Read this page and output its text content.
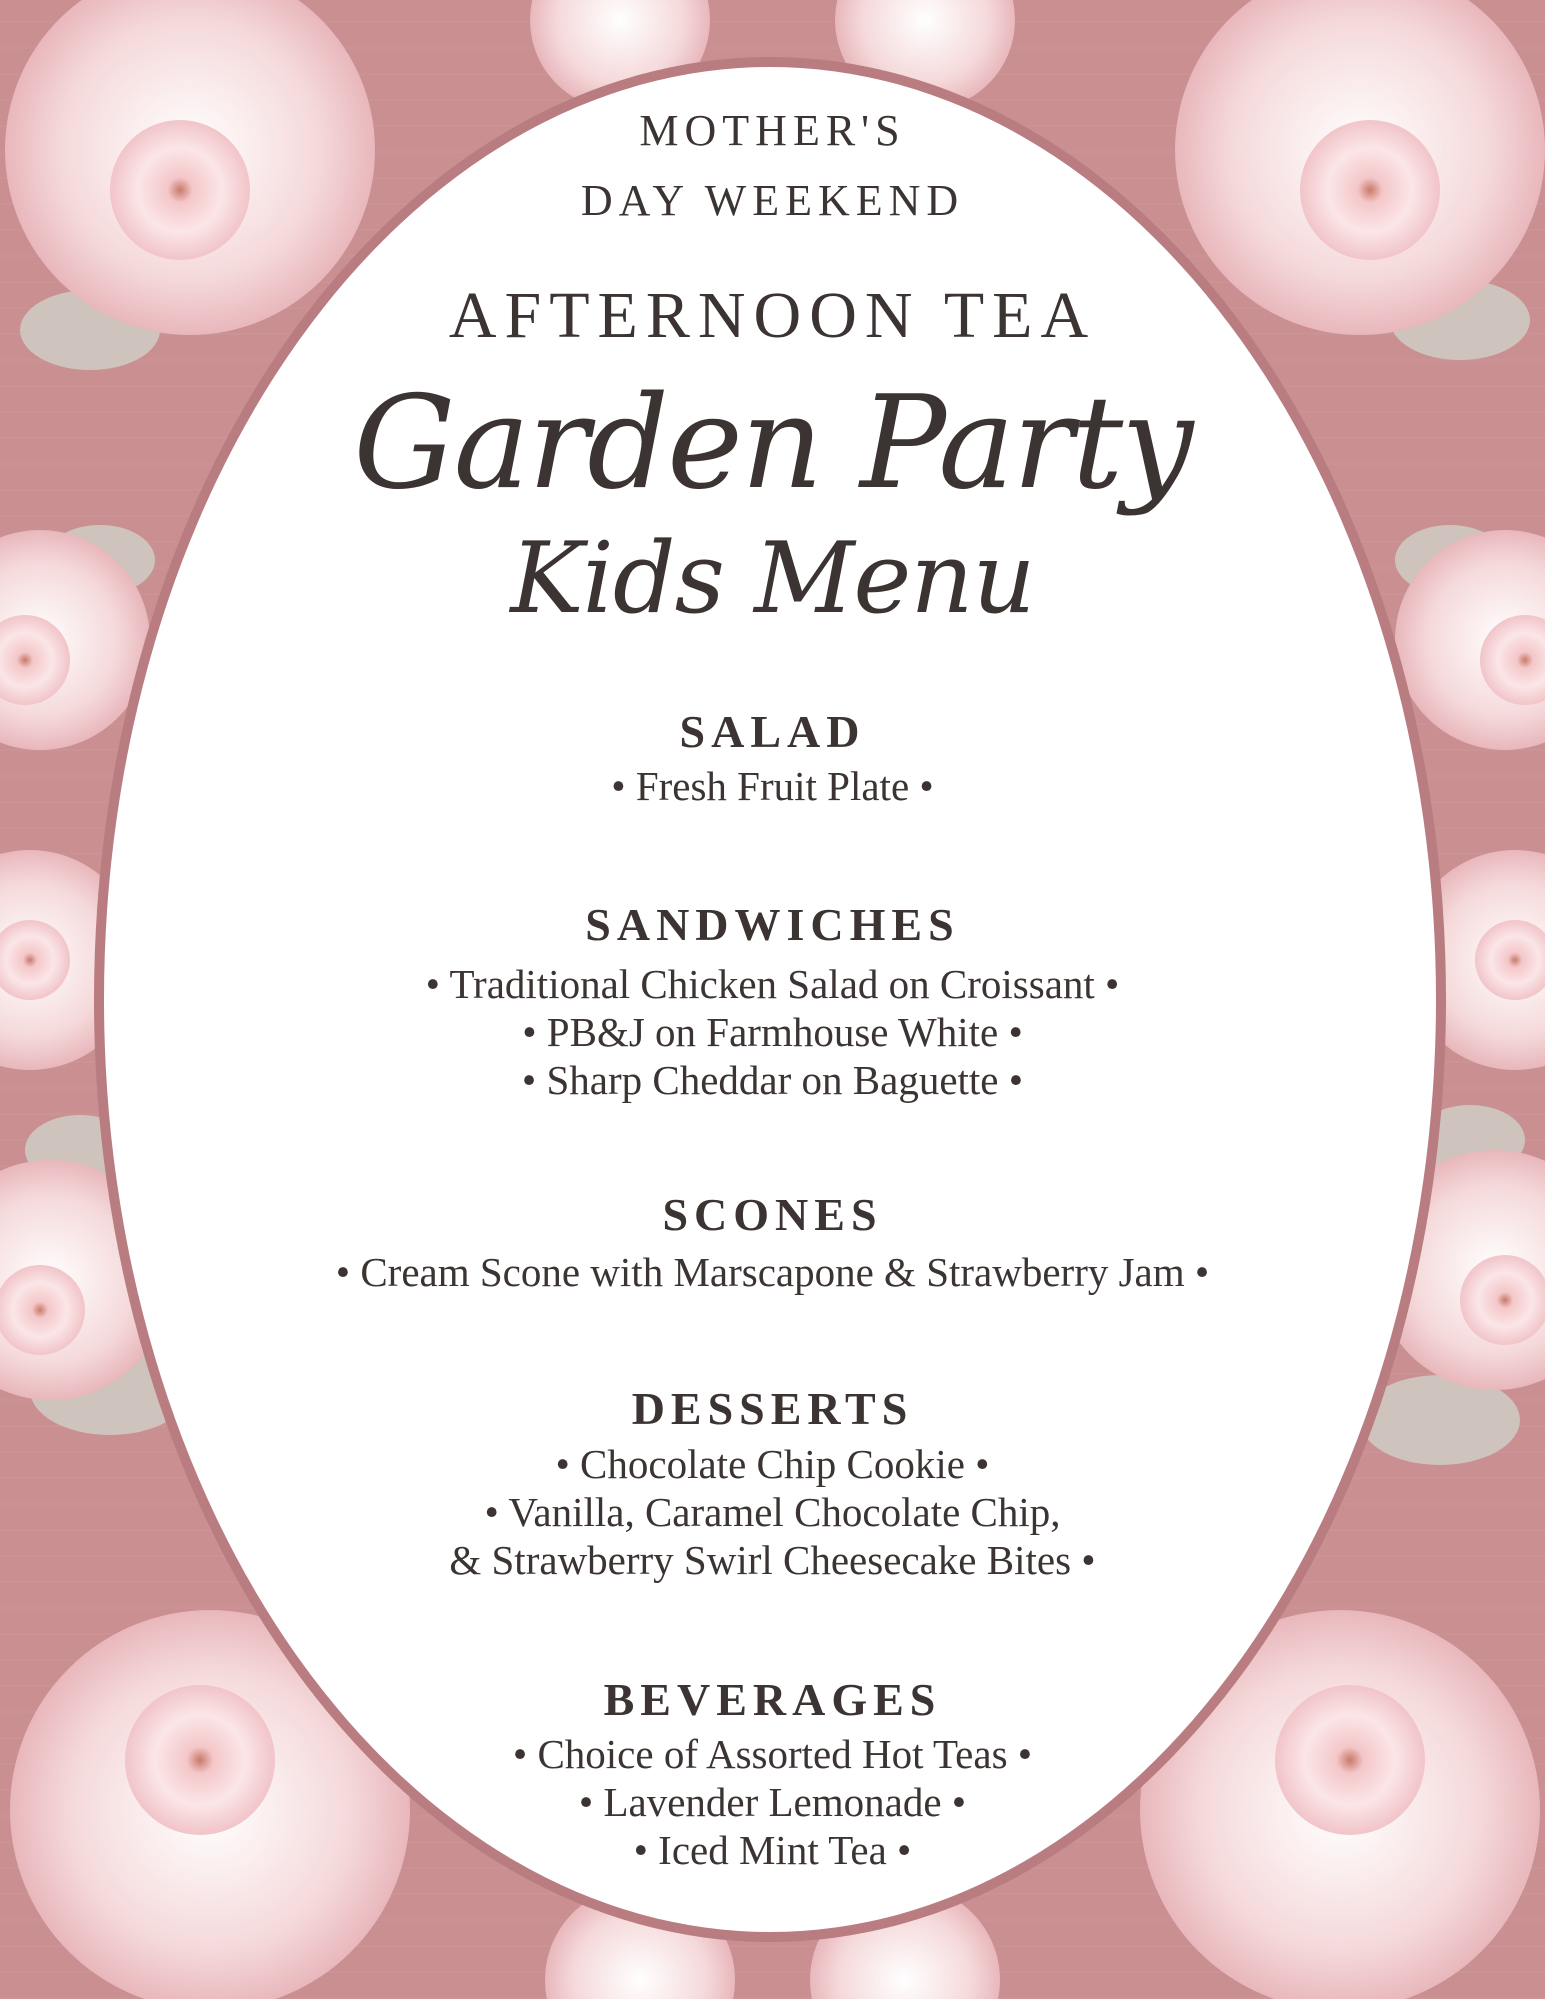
MOTHER'S
DAY WEEKEND
AFTERNOON TEA
Garden Party
Kids Menu
SALAD
• Fresh Fruit Plate •
SANDWICHES
• Traditional Chicken Salad on Croissant •
• PB&J on Farmhouse White •
• Sharp Cheddar on Baguette •
SCONES
• Cream Scone with Marscapone & Strawberry Jam •
DESSERTS
• Chocolate Chip Cookie •
• Vanilla, Caramel Chocolate Chip,
& Strawberry Swirl Cheesecake Bites •
BEVERAGES
• Choice of Assorted Hot Teas •
• Lavender Lemonade •
• Iced Mint Tea •
